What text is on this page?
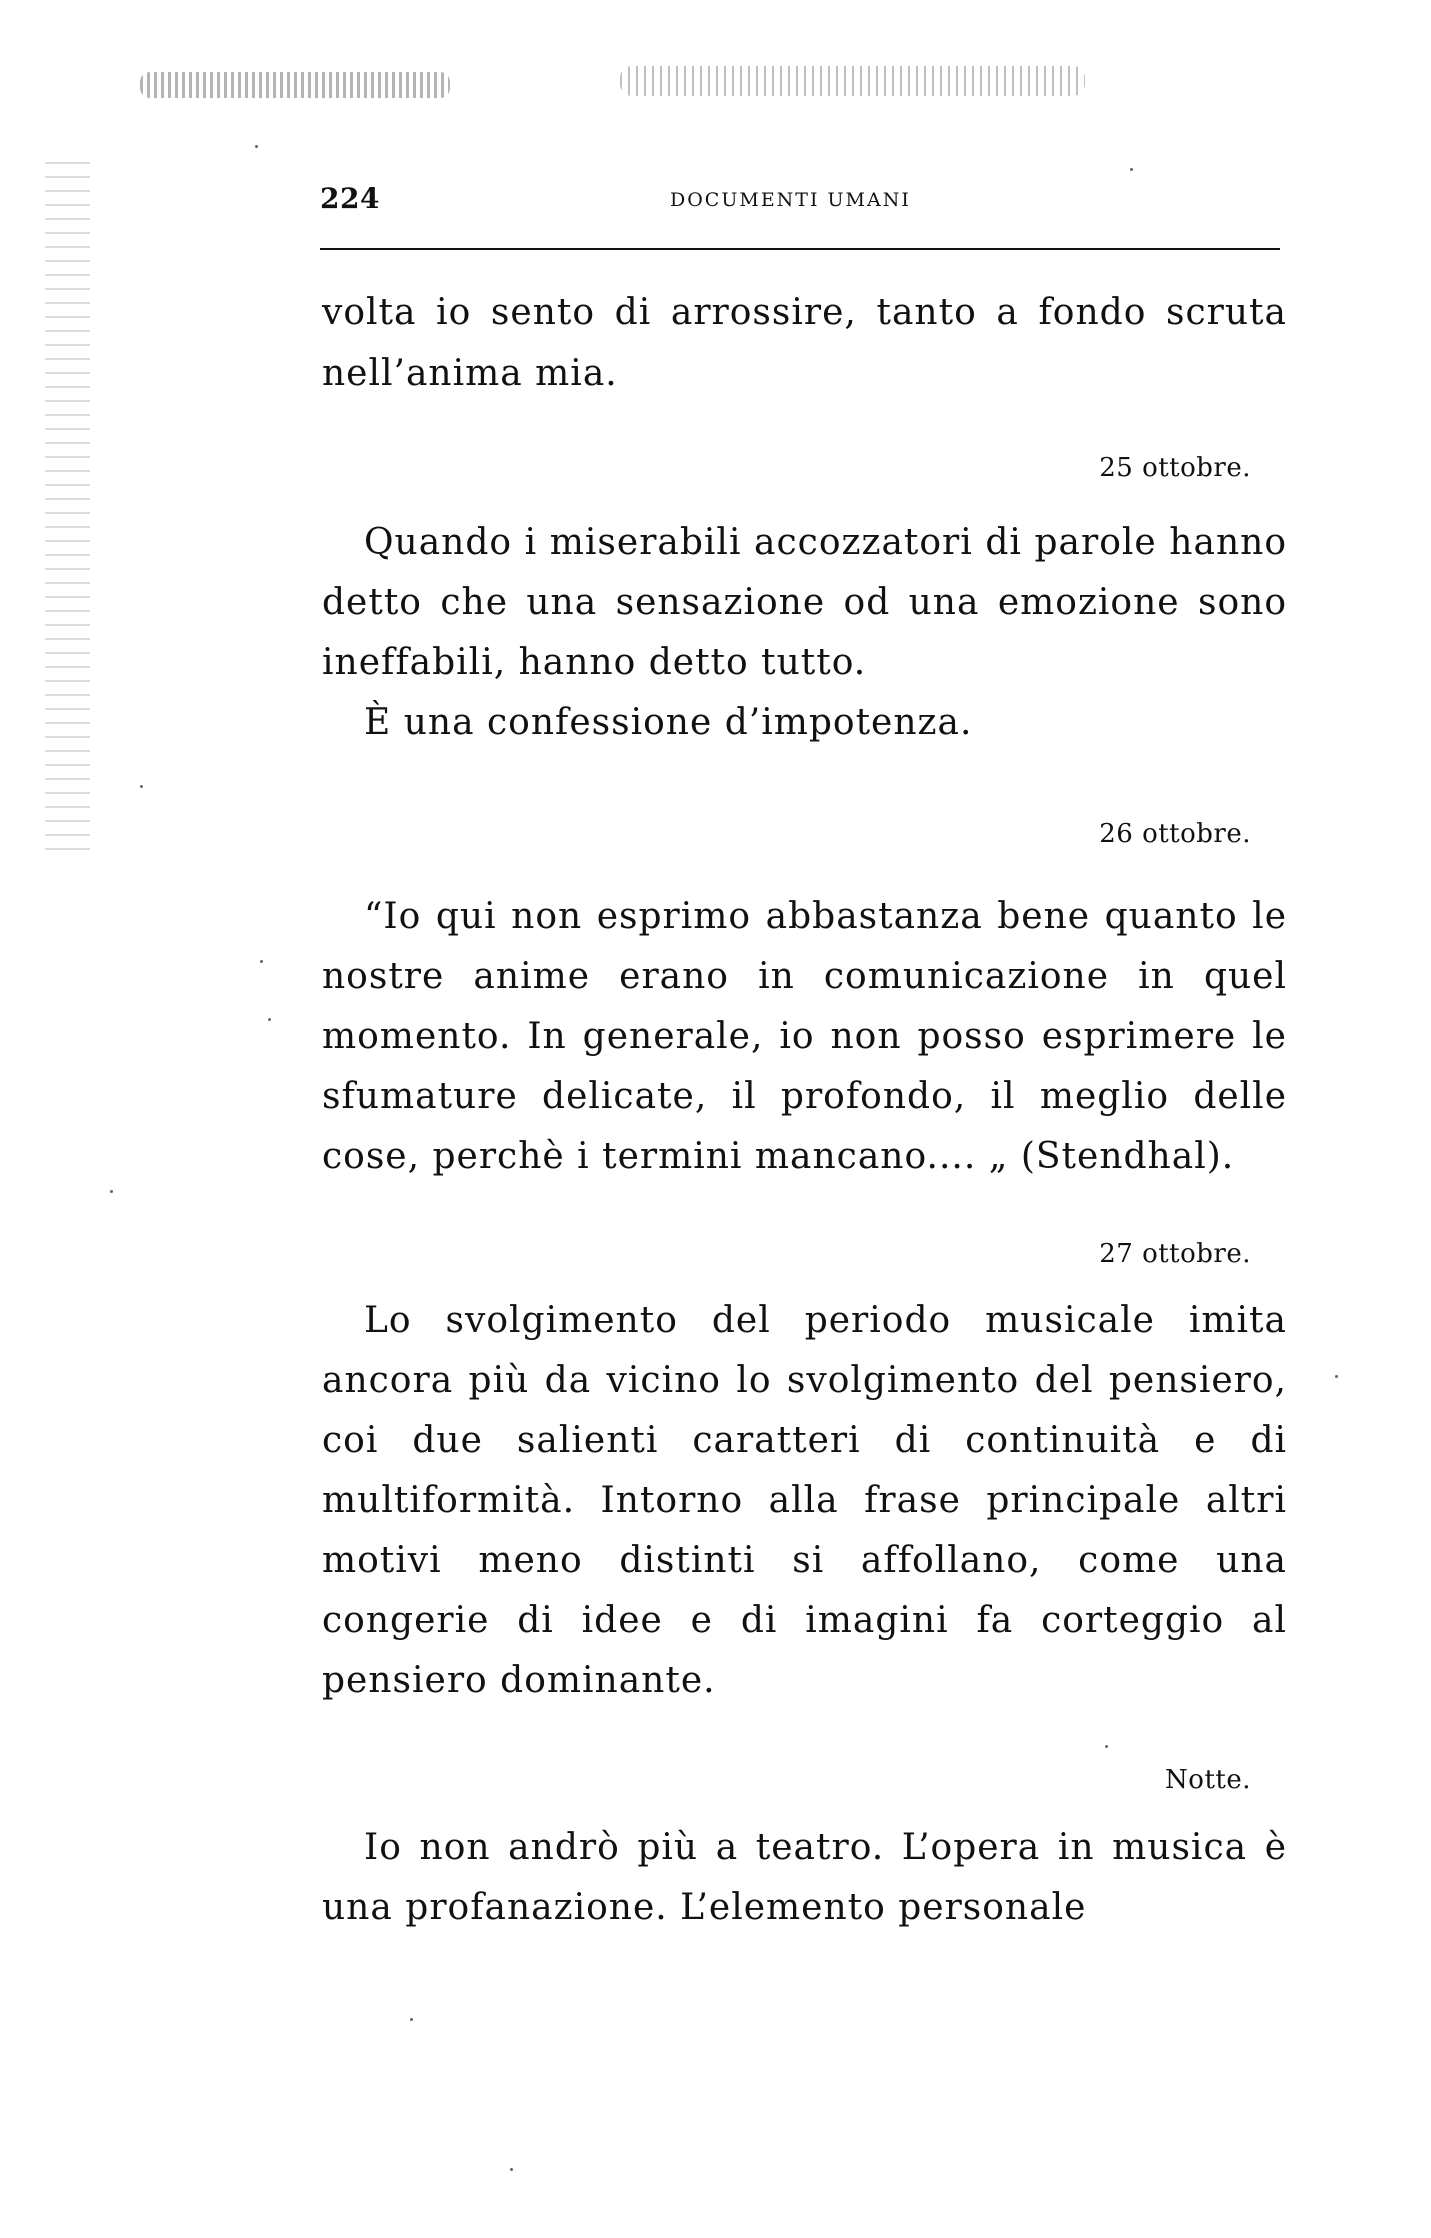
224	DOCUMENTI UMANI
volta io sento di arrossire, tanto a fondo scruta nell’anima mia.
25 ottobre.

Quando i miserabili accozzatori di parole hanno detto che una sensazione od una emozione sono ineffabili, hanno detto tutto.

È una confessione d’impotenza.

26 ottobre.
“Io qui non esprimo abbastanza bene quanto le nostre anime erano in comunicazione in quel momento. In generale, io non posso esprimere le sfumature delicate, il profondo, il meglio delle cose, perchè i termini mancano.... „ (Stendhal).
27 ottobre.
Lo svolgimento del periodo musicale imita ancora più da vicino lo svolgimento del pensiero, coi due salienti caratteri di continuità e di multiformità. Intorno alla frase principale altri motivi meno distinti si affollano, come una congerie di idee e di imagini fa corteggio al pensiero dominante.
Notte.
Io non andrò più a teatro. L’opera in musica è una profanazione. L’elemento personale
